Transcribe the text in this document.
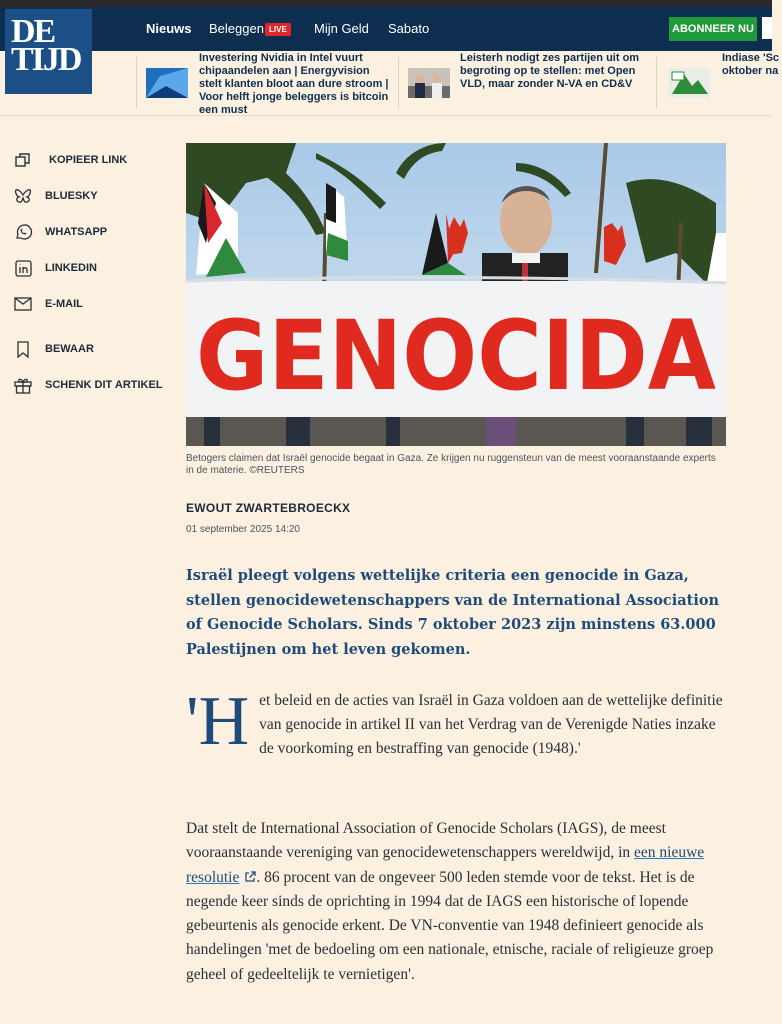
Nieuws Beleggen LIVE	Mijn Geld Sabato	ABONNEER NU
DE
TIJD	Investering Nvidia in Intel vuurt chipaandelen aan | Energyvision stelt klanten bloot aan dure stroom | Voor helft jonge beleggers is bitcoin een must
Leisterh nodigt zes partijen uit om begroting op te stellen: met Open VLD, maar zonder N-VA en CD&V
Indiase 'Sc oktober na
KOPIEER LINK
BLUESKY
WHATSAPP
LINKEDIN
E-MAIL
BEWAAR
SCHENK DIT ARTIKEL GENOCIDA
Betogers claimen dat Israël genocide begaat in Gaza. Ze krijgen nu ruggensteun van de meest vooraanstaande experts in de materie. ©REUTERS
EWOUT ZWARTEBROECKX
01 september 2025 14:20
Israël pleegt volgens wettelijke criteria een genocide in Gaza, stellen genocidewetenschappers van de International Association of Genocide Scholars. Sinds 7 oktober 2023 zijn minstens 63.000 Palestijnen om het leven gekomen.
'Het beleid en de acties van Israël in Gaza voldoen aan de wettelijke definitie van genocide in artikel II van het Verdrag van de Verenigde Naties inzake de voorkoming en bestraffing van genocide (1948).'
Dat stelt de International Association of Genocide Scholars (IAGS), de meest vooraanstaande vereniging van genocidewetenschappers wereldwijd, in een nieuwe resolutie . 86 procent van de ongeveer 500 leden stemde voor de tekst. Het is de negende keer sinds de oprichting in 1994 dat de IAGS een historische of lopende gebeurtenis als genocide erkent. De VN-conventie van 1948 definieert genocide als handelingen 'met de bedoeling om een nationale, etnische, raciale of religieuze groep geheel of gedeeltelijk te vernietigen'.
